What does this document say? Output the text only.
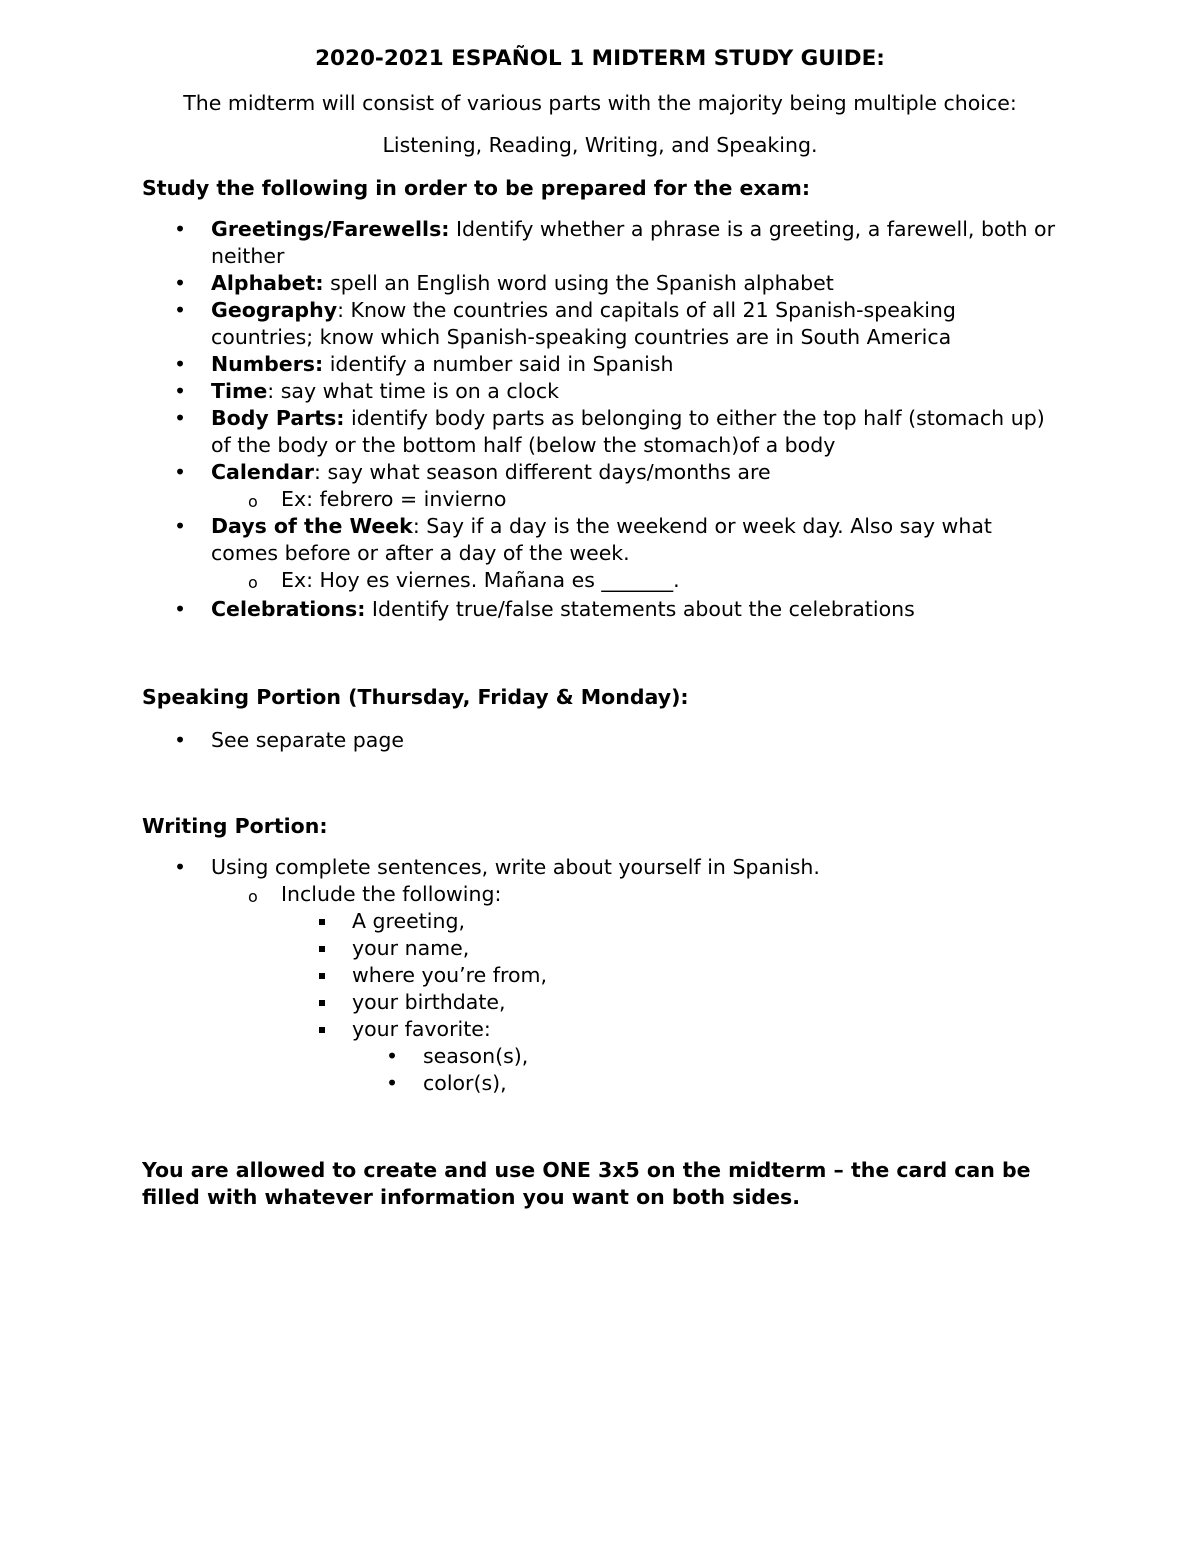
2020-2021 ESPAÑOL 1 MIDTERM STUDY GUIDE:
The midterm will consist of various parts with the majority being multiple choice:
Listening, Reading, Writing, and Speaking.
Study the following in order to be prepared for the exam:
•	Greetings/Farewells: Identify whether a phrase is a greeting, a farewell, both or neither
•	Alphabet: spell an English word using the Spanish alphabet
•	Geography: Know the countries and capitals of all 21 Spanish-speaking countries; know which Spanish-speaking countries are in South America
•	Numbers: identify a number said in Spanish
•	Time: say what time is on a clock
•	Body Parts: identify body parts as belonging to either the top half (stomach up) of the body or the bottom half (below the stomach)of a body
•	Calendar: say what season different days/months are
o Ex: febrero = invierno
•	Days of the Week: Say if a day is the weekend or week day. Also say what comes before or after a day of the week.
o Ex: Hoy es viernes. Mañana es _______.
•	Celebrations: Identify true/false statements about the celebrations
Speaking Portion (Thursday, Friday & Monday):
•	See separate page
Writing Portion:
•	Using complete sentences, write about yourself in Spanish.
o Include the following:
A greeting,
your name,
where you’re from,
your birthdate,
your favorite:
• season(s),
• color(s),
You are allowed to create and use ONE 3x5 on the midterm – the card can be filled with whatever information you want on both sides.
